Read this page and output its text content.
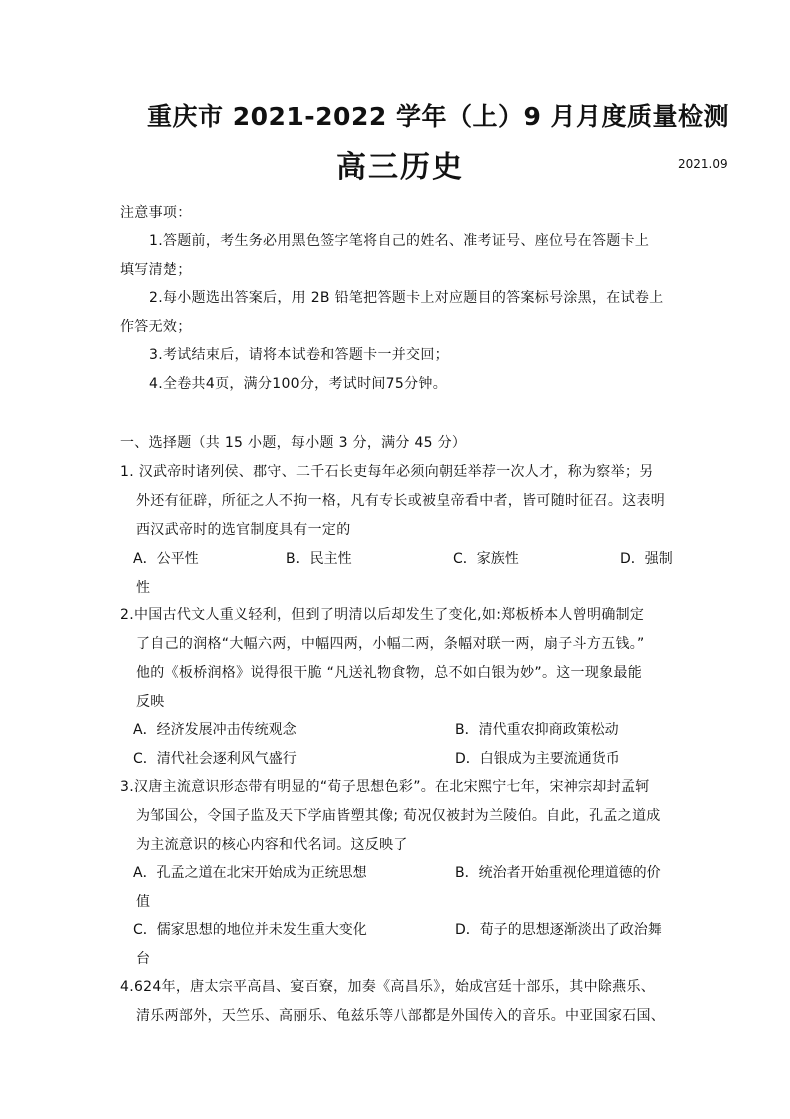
重庆市 2021-2022 学年（上）9 月月度质量检测
高三历史	2021.09
注意事项：
1.答题前，考生务必用黑色签字笔将自己的姓名、准考证号、座位号在答题卡上
填写清楚；
2.每小题选出答案后，用 2B 铅笔把答题卡上对应题目的答案标号涂黑，在试卷上
作答无效；
3.考试结束后，请将本试卷和答题卡一并交回；
4.全卷共4页，满分100分，考试时间75分钟。
一、选择题（共 15 小题，每小题 3 分，满分 45 分）
1. 汉武帝时诸列侯、郡守、二千石长吏每年必须向朝廷举荐一次人才，称为察举；另
外还有征辟，所征之人不拘一格，凡有专长或被皇帝看中者，皆可随时征召。这表明
西汉武帝时的选官制度具有一定的
A．公平性	B．民主性	C．家族性	D．强制
性
2.中国古代文人重义轻利，但到了明清以后却发生了变化,如:郑板桥本人曾明确制定
了自己的润格“大幅六两，中幅四两，小幅二两，条幅对联一两，扇子斗方五钱。”
他的《板桥润格》说得很干脆 “凡送礼物食物，总不如白银为妙”。这一现象最能
反映
A．经济发展冲击传统观念	B．清代重农抑商政策松动
C．清代社会逐利风气盛行	D．白银成为主要流通货币
3.汉唐主流意识形态带有明显的“荀子思想色彩”。在北宋熙宁七年，宋神宗却封孟轲
为邹国公，令国子监及天下学庙皆塑其像; 荀况仅被封为兰陵伯。自此，孔孟之道成
为主流意识的核心内容和代名词。这反映了
A．孔孟之道在北宋开始成为正统思想	B．统治者开始重视伦理道德的价
值
C．儒家思想的地位并未发生重大变化	D．荀子的思想逐渐淡出了政治舞
台
4.624年，唐太宗平高昌、宴百寮，加奏《高昌乐》，始成宫廷十部乐，其中除燕乐、
清乐两部外，天竺乐、高丽乐、龟兹乐等八部都是外国传入的音乐。中亚国家石国、
